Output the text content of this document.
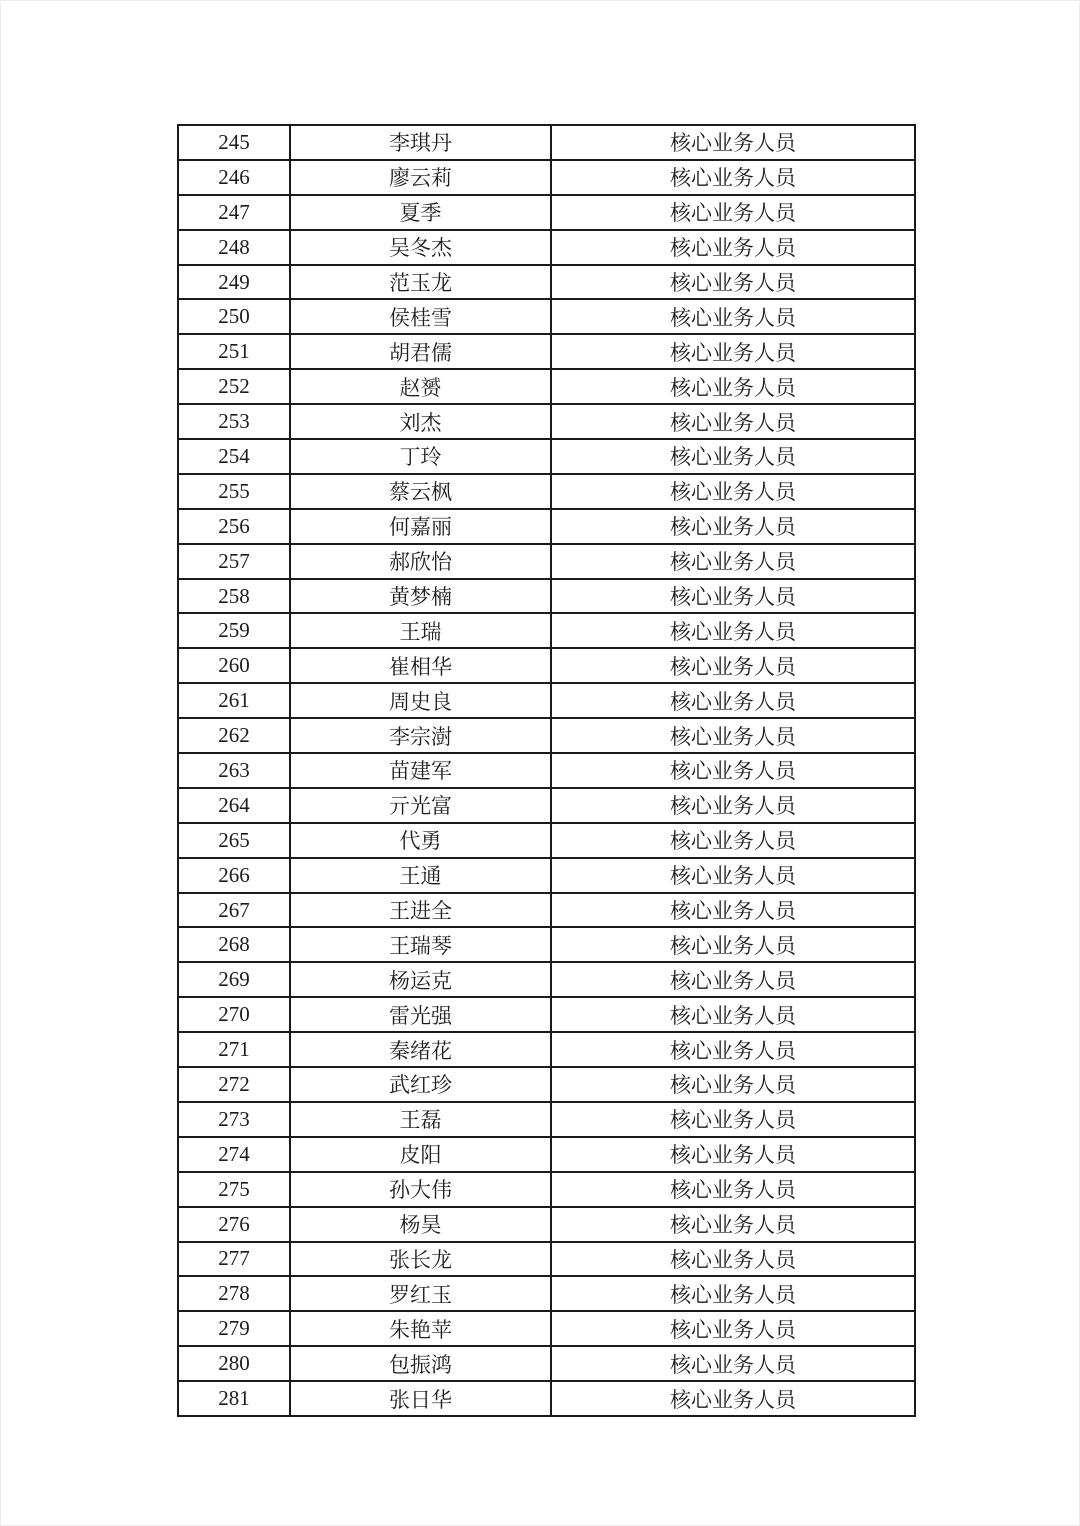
245	李琪丹	核心业务人员
246	廖云莉	核心业务人员
247	夏季	核心业务人员
248	吴冬杰	核心业务人员
249	范玉龙	核心业务人员
250	侯桂雪	核心业务人员
251	胡君儒	核心业务人员
252	赵赟	核心业务人员
253	刘杰	核心业务人员
254	丁玲	核心业务人员
255	蔡云枫	核心业务人员
256	何嘉丽	核心业务人员
257	郝欣怡	核心业务人员
258	黄梦楠	核心业务人员
259	王瑞	核心业务人员
260	崔相华	核心业务人员
261	周史良	核心业务人员
262	李宗澍	核心业务人员
263	苗建军	核心业务人员
264	亓光富	核心业务人员
265	代勇	核心业务人员
266	王通	核心业务人员
267	王进全	核心业务人员
268	王瑞琴	核心业务人员
269	杨运克	核心业务人员
270	雷光强	核心业务人员
271	秦绪花	核心业务人员
272	武红珍	核心业务人员
273	王磊	核心业务人员
274	皮阳	核心业务人员
275	孙大伟	核心业务人员
276	杨昊	核心业务人员
277	张长龙	核心业务人员
278	罗红玉	核心业务人员
279	朱艳苹	核心业务人员
280	包振鸿	核心业务人员
281	张日华	核心业务人员
